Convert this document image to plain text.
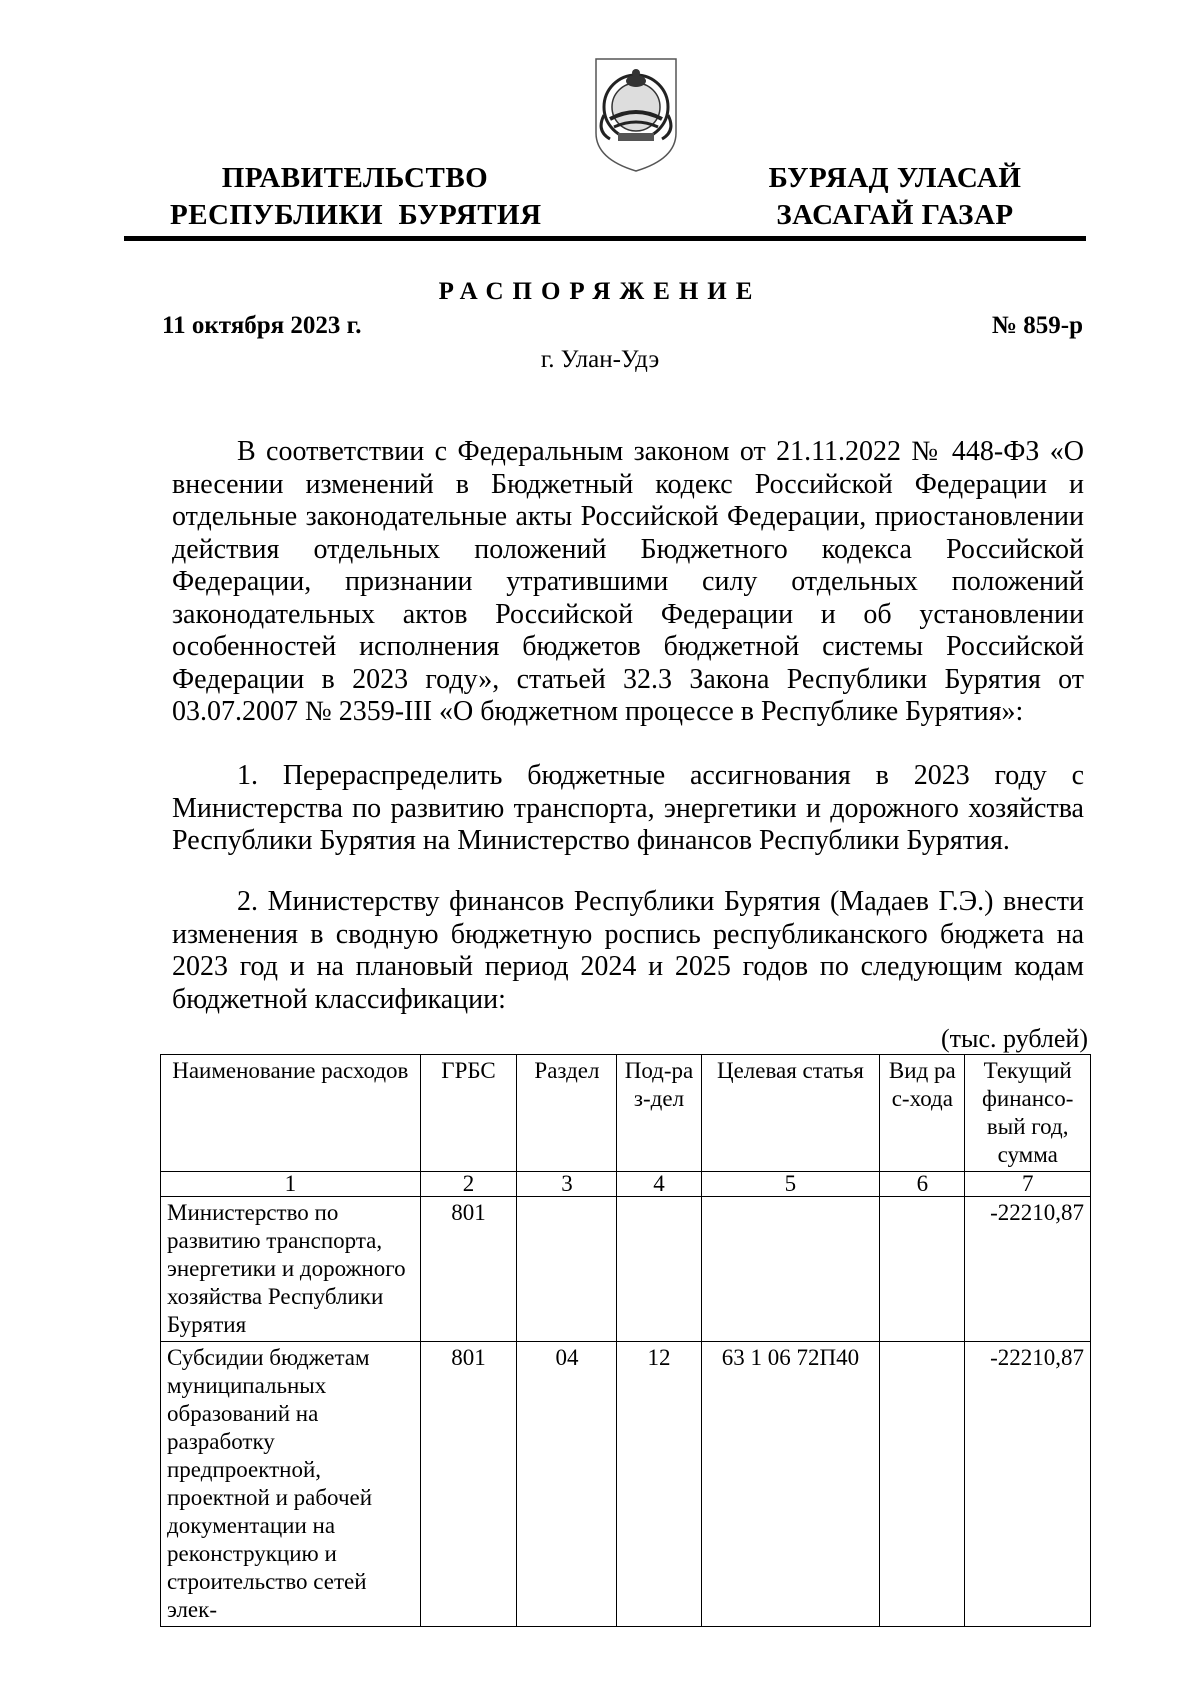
ПРАВИТЕЛЬСТВО
РЕСПУБЛИКИ  БУРЯТИЯ
БУРЯАД УЛАСАЙ
ЗАСАГАЙ ГАЗАР
РАСПОРЯЖЕНИЕ
11 октября 2023 г.	№ 859-р
г. Улан-Удэ

В соответствии с Федеральным законом от 21.11.2022 № 448-ФЗ «О внесении изменений в Бюджетный кодекс Российской Федерации и отдельные законодательные акты Российской Федерации, приостановлении действия отдельных положений Бюджетного кодекса Российской Федерации, признании утратившими силу отдельных положений законодательных актов Российской Федерации и об установлении особенностей исполнения бюджетов бюджетной системы Российской Федерации в 2023 году», статьей 32.3 Закона Республики Бурятия от 03.07.2007 № 2359-III «О бюджетном процессе в Республике Бурятия»:

1. Перераспределить бюджетные ассигнования в 2023 году с Министерства по развитию транспорта, энергетики и дорожного хозяйства Республики Бурятия на Министерство финансов Республики Бурятия.

2. Министерству финансов Республики Бурятия (Мадаев Г.Э.) внести изменения в сводную бюджетную роспись республиканского бюджета на 2023 год и на плановый период 2024 и 2025 годов по следующим кодам бюджетной классификации:

(тыс. рублей)
Наименование расходов	ГРБС	Раздел	Под-раз-дел	Целевая статья	Вид рас-хода	Текущий финансо-вый год, сумма
1	2	3	4	5	6	7
Министерство по развитию транспорта, энергетики и дорожного хозяйства Республики Бурятия	801					-22210,87
Субсидии бюджетам муниципальных образований на разработку предпроектной, проектной и рабочей документации на реконструкцию и строительство сетей элек-	801	04	12	63 1 06 72П40		-22210,87
